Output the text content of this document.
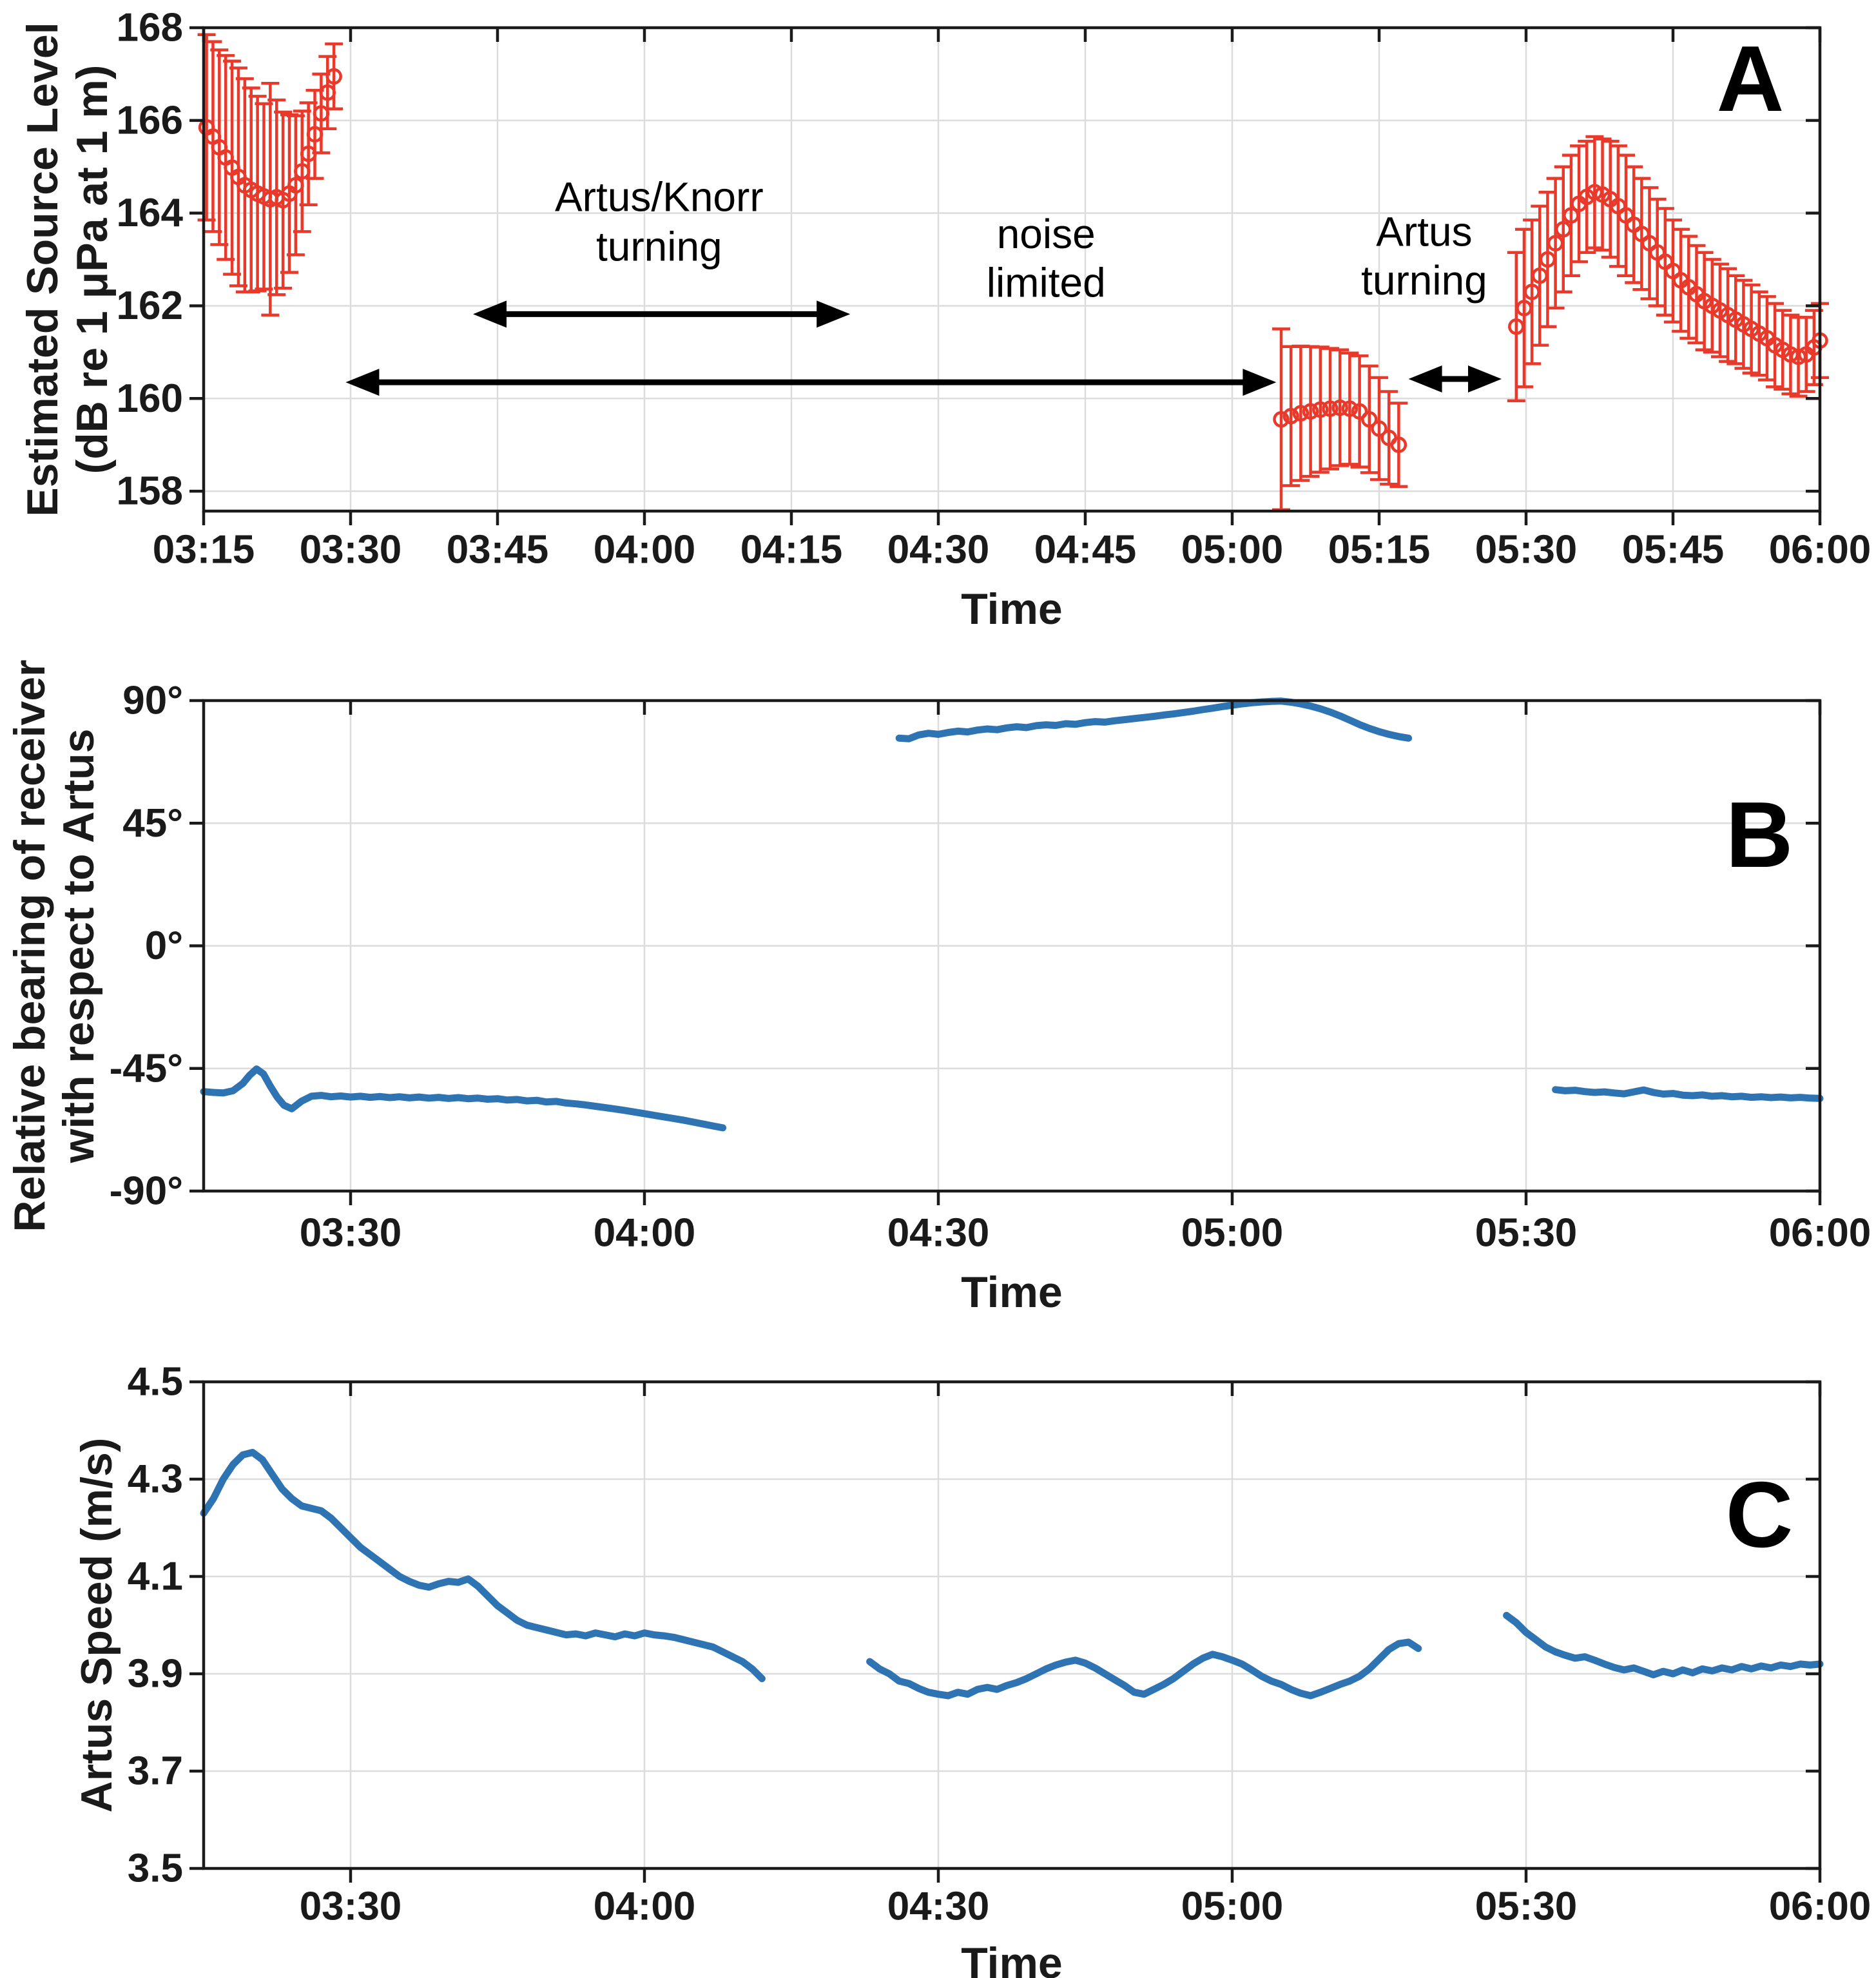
Artus/Knorr
turning	noise
limited
Artus
turning
03:15 03:30 03:45 04:00 04:15 04:30 04:45 05:00 05:15 05:30 05:45 06:00
158
160
162
164
166
168
Time
Estimated Source Level (dB re 1 μPa at 1 m)	A
03:30	04:00	04:30	05:00	05:30	06:00
90°
45°
0°
-45°
-90°
Time
Relative bearing of receiver with respect to Artus	B
03:30	04:00	04:30	05:00	05:30	06:00
4.5
4.3
4.1
3.9
3.7
3.5
Time
Artus Speed (m/s)	C
